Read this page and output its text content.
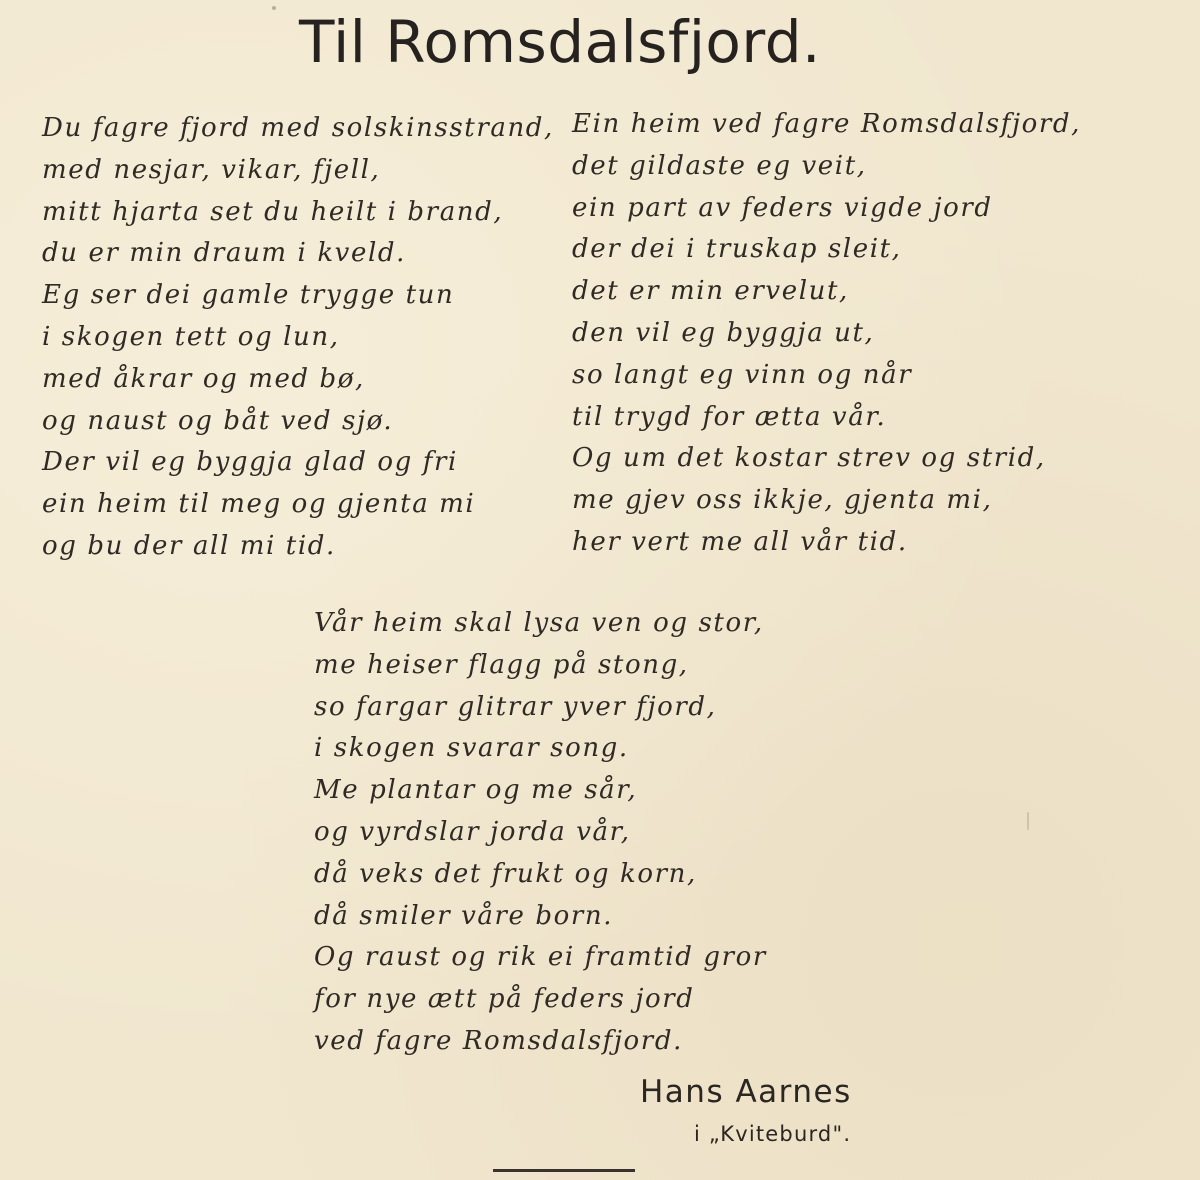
Til Romsdalsfjord.
Du fagre fjord med solskinsstrand,
med nesjar, vikar, fjell,
mitt hjarta set du heilt i brand,
du er min draum i kveld.
Eg ser dei gamle trygge tun
i skogen tett og lun,
med åkrar og med bø,
og naust og båt ved sjø.
Der vil eg byggja glad og fri
ein heim til meg og gjenta mi
og bu der all mi tid.
Ein heim ved fagre Romsdalsfjord,
det gildaste eg veit,
ein part av feders vigde jord
der dei i truskap sleit,
det er min ervelut,
den vil eg byggja ut,
so langt eg vinn og når
til trygd for ætta vår.
Og um det kostar strev og strid,
me gjev oss ikkje, gjenta mi,
her vert me all vår tid.
Vår heim skal lysa ven og stor,
me heiser flagg på stong,
so fargar glitrar yver fjord,
i skogen svarar song.
Me plantar og me sår,
og vyrdslar jorda vår,
då veks det frukt og korn,
då smiler våre born.
Og raust og rik ei framtid gror
for nye ætt på feders jord
ved fagre Romsdalsfjord.

Hans Aarnes

i „Kviteburd".
